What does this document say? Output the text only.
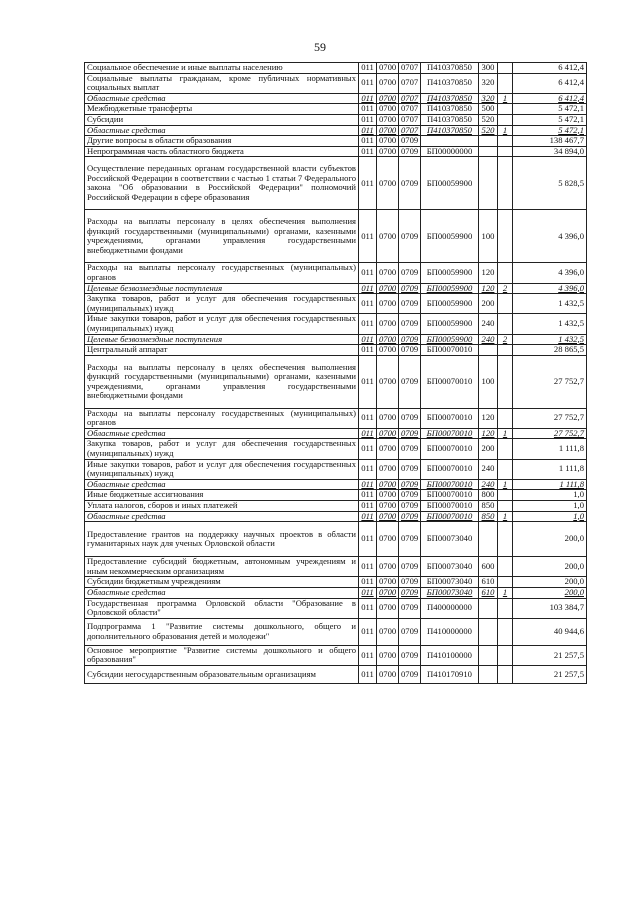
59
Социальное обеспечение и иные выплаты населению	011	0700	0707	П410370850	300		6 412,4
Социальные выплаты гражданам, кроме публичных нормативных социальных выплат	011	0700	0707	П410370850	320		6 412,4
Областные средства	011	0700	0707	П410370850	320	1	6 412,4
Межбюджетные трансферты	011	0700	0707	П410370850	500		5 472,1
Субсидии	011	0700	0707	П410370850	520		5 472,1
Областные средства	011	0700	0707	П410370850	520	1	5 472,1
Другие вопросы в области образования	011	0700	0709				138 467,7
Непрограммная часть областного бюджета	011	0700	0709	БП00000000			34 894,0
Осуществление переданных органам государственной власти субъектов Российской Федерации в соответствии с частью 1 статьи 7 Федерального закона "Об образовании в Российской Федерации" полномочий Российской Федерации в сфере образования	011	0700	0709	БП00059900			5 828,5
Расходы на выплаты персоналу в целях обеспечения выполнения функций государственными (муниципальными) органами, казенными учреждениями, органами управления государственными внебюджетными фондами	011	0700	0709	БП00059900	100		4 396,0
Расходы на выплаты персоналу государственных (муниципальных) органов	011	0700	0709	БП00059900	120		4 396,0
Целевые безвозмездные поступления	011	0700	0709	БП00059900	120	2	4 396,0
Закупка товаров, работ и услуг для обеспечения государственных (муниципальных) нужд	011	0700	0709	БП00059900	200		1 432,5
Иные закупки товаров, работ и услуг для обеспечения государственных (муниципальных) нужд	011	0700	0709	БП00059900	240		1 432,5
Целевые безвозмездные поступления	011	0700	0709	БП00059900	240	2	1 432,5
Центральный аппарат	011	0700	0709	БП00070010			28 865,5
Расходы на выплаты персоналу в целях обеспечения выполнения функций государственными (муниципальными) органами, казенными учреждениями, органами управления государственными внебюджетными фондами	011	0700	0709	БП00070010	100		27 752,7
Расходы на выплаты персоналу государственных (муниципальных) органов	011	0700	0709	БП00070010	120		27 752,7
Областные средства	011	0700	0709	БП00070010	120	1	27 752,7
Закупка товаров, работ и услуг для обеспечения государственных (муниципальных) нужд	011	0700	0709	БП00070010	200		1 111,8
Иные закупки товаров, работ и услуг для обеспечения государственных (муниципальных) нужд	011	0700	0709	БП00070010	240		1 111,8
Областные средства	011	0700	0709	БП00070010	240	1	1 111,8
Иные бюджетные ассигнования	011	0700	0709	БП00070010	800		1,0
Уплата налогов, сборов и иных платежей	011	0700	0709	БП00070010	850		1,0
Областные средства	011	0700	0709	БП00070010	850	1	1,0
Предоставление грантов на поддержку научных проектов в области гуманитарных наук для ученых Орловской области	011	0700	0709	БП00073040			200,0
Предоставление субсидий бюджетным, автономным учреждениям и иным некоммерческим организациям	011	0700	0709	БП00073040	600		200,0
Субсидии бюджетным учреждениям	011	0700	0709	БП00073040	610		200,0
Областные средства	011	0700	0709	БП00073040	610	1	200,0
Государственная программа Орловской области "Образование в Орловской области"	011	0700	0709	П400000000			103 384,7
Подпрограмма 1 "Развитие системы дошкольного, общего и дополнительного образования детей и молодежи"	011	0700	0709	П410000000			40 944,6
Основное мероприятие "Развитие системы дошкольного и общего образования"	011	0700	0709	П410100000			21 257,5
Субсидии негосударственным образовательным организациям	011	0700	0709	П410170910			21 257,5
